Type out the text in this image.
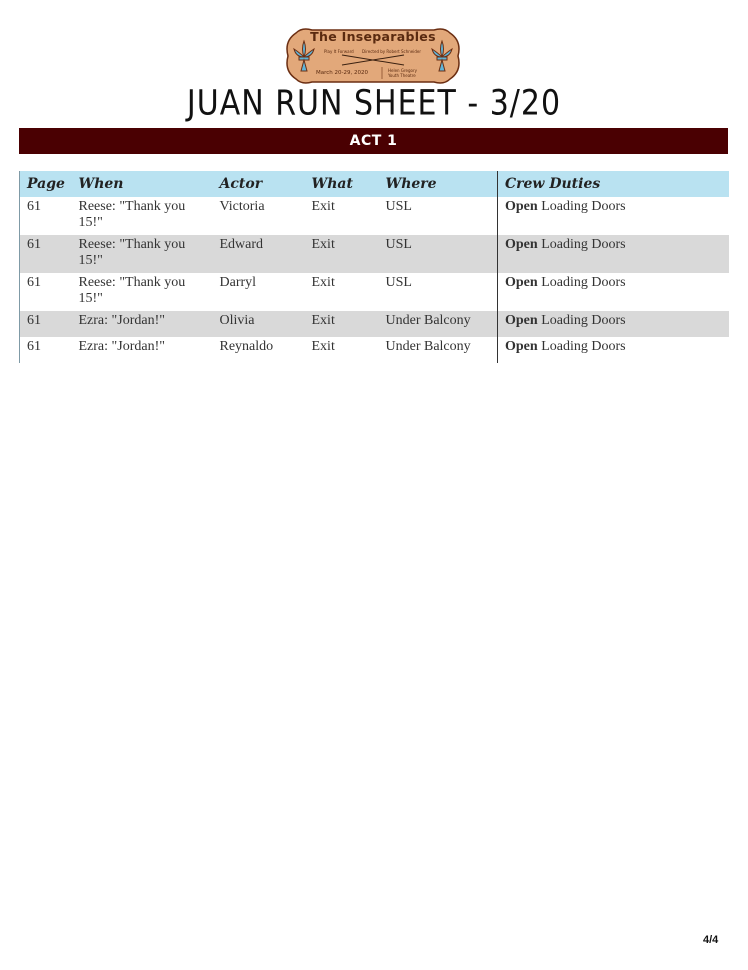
The Inseparables
Play It Forward Directed by Robert Schneider
March 20-29, 2020	Helen Gregory Youth Theatre
JUAN RUN SHEET - 3/20
ACT 1
Page	When	Actor	What	Where	Crew Duties
61	Reese: "Thank you 15!"	Victoria	Exit	USL	Open Loading Doors
61	Reese: "Thank you 15!"	Edward	Exit	USL	Open Loading Doors
61	Reese: "Thank you 15!"	Darryl	Exit	USL	Open Loading Doors
61	Ezra: "Jordan!"	Olivia	Exit	Under Balcony	Open Loading Doors
61	Ezra: "Jordan!"	Reynaldo	Exit	Under Balcony	Open Loading Doors
4/4
